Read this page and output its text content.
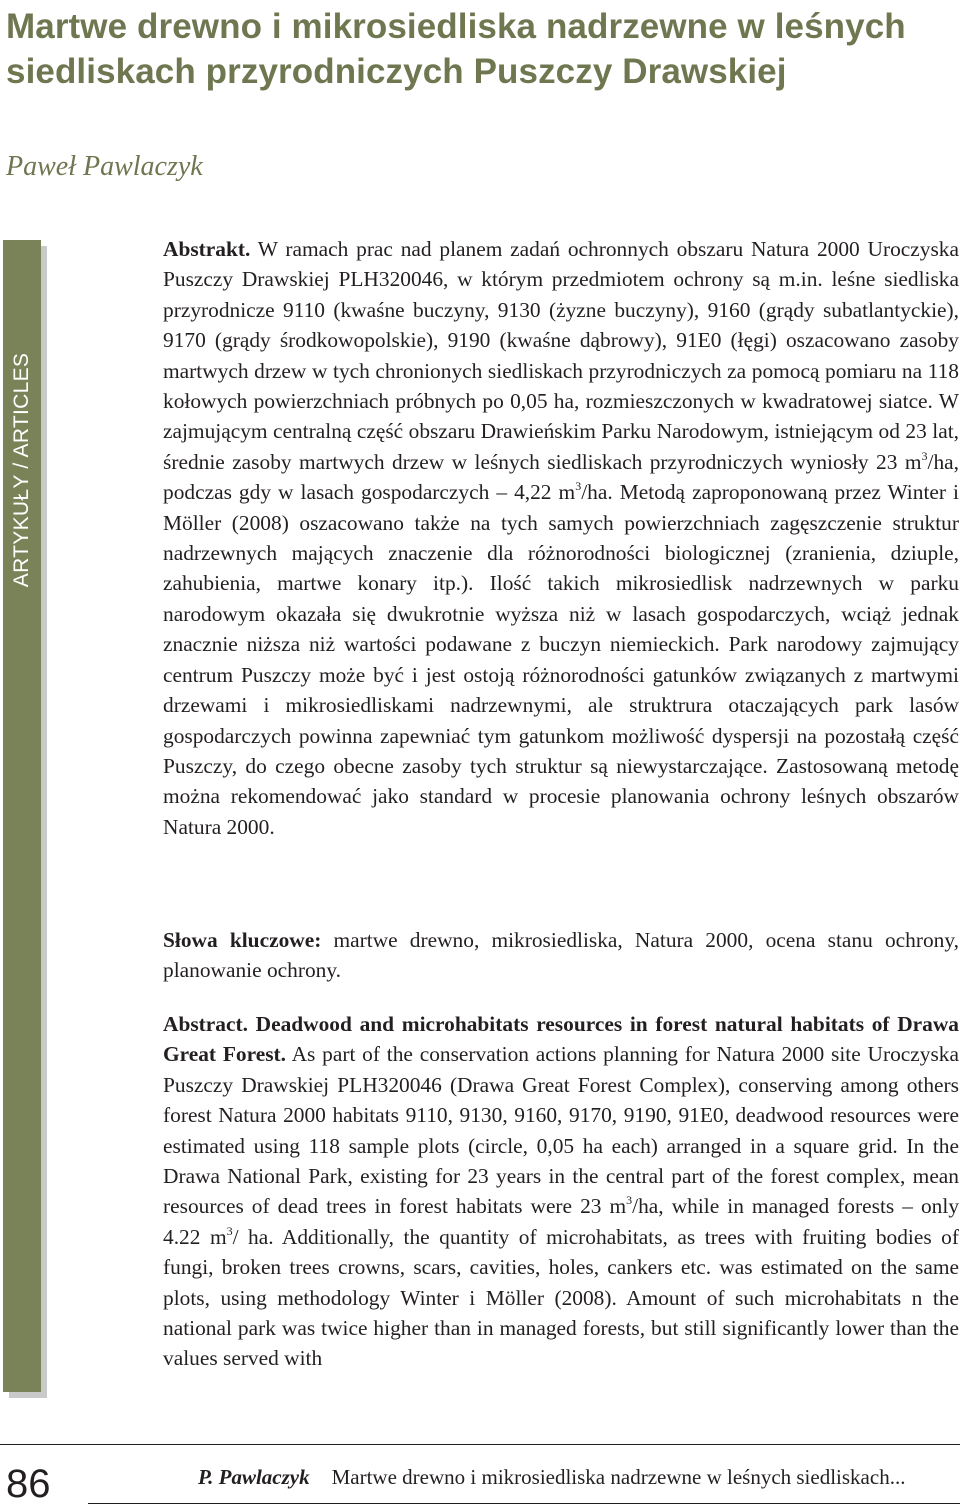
Martwe drewno i mikrosiedliska nadrzewne w leśnych siedliskach przyrodniczych Puszczy Drawskiej

Paweł Pawlaczyk

ARTYKUŁY / ARTICLES

Abstrakt. W ramach prac nad planem zadań ochronnych obszaru Natura 2000 Uroczyska Puszczy Drawskiej PLH320046, w którym przedmiotem ochrony są m.in. leśne siedliska przyrodnicze 9110 (kwaśne buczyny, 9130 (żyzne buczyny), 9160 (grądy subatlantyckie), 9170 (grądy środkowopolskie), 9190 (kwaśne dąbrowy), 91E0 (łęgi) oszacowano zasoby martwych drzew w tych chronionych siedliskach przyrodniczych za pomocą pomiaru na 118 kołowych powierzchniach próbnych po 0,05 ha, rozmieszczonych w kwadratowej siatce. W zajmującym centralną część obszaru Drawieńskim Parku Narodowym, istniejącym od 23 lat, średnie zasoby martwych drzew w leśnych siedliskach przyrodniczych wyniosły 23 $m^3/ha$, podczas gdy w lasach gospodarczych – 4,22 $m^3/ha$. Metodą zaproponowaną przez Winter i Möller (2008) oszacowano także na tych samych powierzchniach zagęszczenie struktur nadrzewnych mających znaczenie dla różnorodności biologicznej (zranienia, dziuple, zahubienia, martwe konary itp.). Ilość takich mikrosiedlisk nadrzewnych w parku narodowym okazała się dwukrotnie wyższa niż w lasach gospodarczych, wciąż jednak znacznie niższa niż wartości podawane z buczyn niemieckich. Park narodowy zajmujący centrum Puszczy może być i jest ostoją różnorodności gatunków związanych z martwymi drzewami i mikrosiedliskami nadrzewnymi, ale struktrura otaczających park lasów gospodarczych powinna zapewniać tym gatunkom możliwość dyspersji na pozostałą część Puszczy, do czego obecne zasoby tych struktur są niewystarczające. Zastosowaną metodę można rekomendować jako standard w procesie planowania ochrony leśnych obszarów Natura 2000.

Słowa kluczowe: martwe drewno, mikrosiedliska, Natura 2000, ocena stanu ochrony, planowanie ochrony.

Abstract. Deadwood and microhabitats resources in forest natural habitats of Drawa Great Forest. As part of the conservation actions planning for Natura 2000 site Uroczyska Puszczy Drawskiej PLH320046 (Drawa Great Forest Complex), conserving among others forest Natura 2000 habitats 9110, 9130, 9160, 9170, 9190, 91E0, deadwood resources were estimated using 118 sample plots (circle, 0,05 ha each) arranged in a square grid. In the Drawa National Park, existing for 23 years in the central part of the forest complex, mean resources of dead trees in forest habitats were 23 $m^3/ha$, while in managed forests – only 4.22 $m^3/$ ha. Additionally, the quantity of microhabitats, as trees with fruiting bodies of fungi, broken trees crowns, scars, cavities, holes, cankers etc. was estimated on the same plots, using methodology Winter i Möller (2008). Amount of such microhabitats n the national park was twice higher than in managed forests, but still significantly lower than the values served with

86	P. Pawlaczyk Martwe drewno i mikrosiedliska nadrzewne w leśnych siedliskach...
